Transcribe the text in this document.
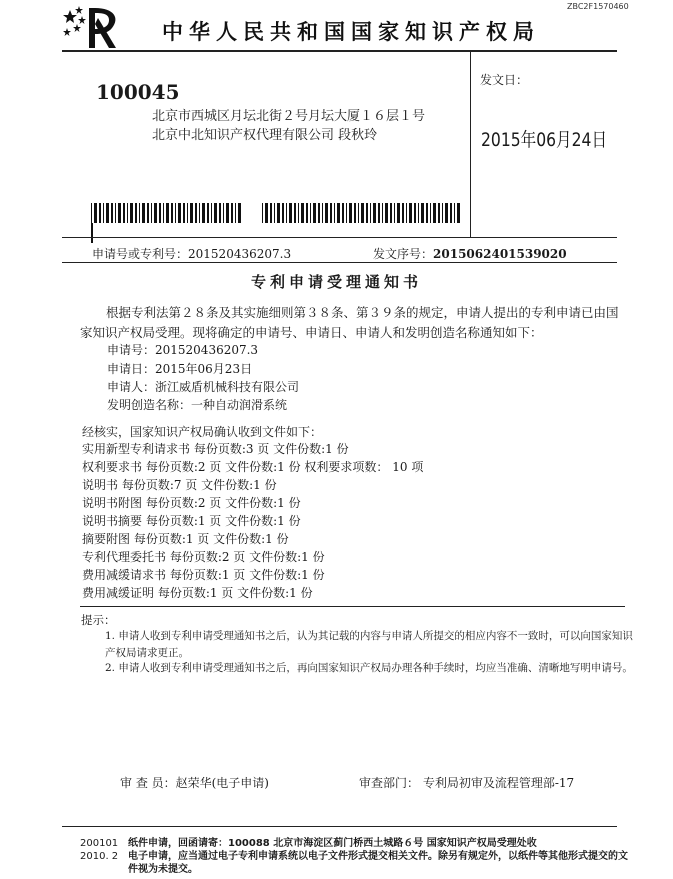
ZBC2F1570460
中华人民共和国国家知识产权局
100045
北京市西城区月坛北街２号月坛大厦１６层１号
北京中北知识产权代理有限公司 段秋玲
发文日：
2015年06月24日
申请号或专利号：201520436207.3	发文序号：2015062401539020
专利申请受理通知书
根据专利法第２８条及其实施细则第３８条、第３９条的规定，申请人提出的专利申请已由国家知识产权局受理。现将确定的申请号、申请日、申请人和发明创造名称通知如下：
申请号：201520436207.3
申请日：2015年06月23日
申请人：浙江威盾机械科技有限公司
发明创造名称：一种自动润滑系统
经核实，国家知识产权局确认收到文件如下：
实用新型专利请求书 每份页数:3 页 文件份数:1 份
权利要求书 每份页数:2 页 文件份数:1 份 权利要求项数： 10 项
说明书 每份页数:7 页 文件份数:1 份
说明书附图 每份页数:2 页 文件份数:1 份
说明书摘要 每份页数:1 页 文件份数:1 份
摘要附图 每份页数:1 页 文件份数:1 份
专利代理委托书 每份页数:2 页 文件份数:1 份
费用减缓请求书 每份页数:1 页 文件份数:1 份
费用减缓证明 每份页数:1 页 文件份数:1 份
提示：
1. 申请人收到专利申请受理通知书之后，认为其记载的内容与申请人所提交的相应内容不一致时，可以向国家知识产权局请求更正。
2. 申请人收到专利申请受理通知书之后，再向国家知识产权局办理各种手续时，均应当准确、清晰地写明申请号。
审 查 员：赵荣华(电子申请)	审查部门： 专利局初审及流程管理部-17
200101
2010. 2
纸件申请，回函请寄：100088 北京市海淀区蓟门桥西土城路６号 国家知识产权局受理处收
电子申请，应当通过电子专利申请系统以电子文件形式提交相关文件。除另有规定外，以纸件等其他形式提交的文件视为未提交。
